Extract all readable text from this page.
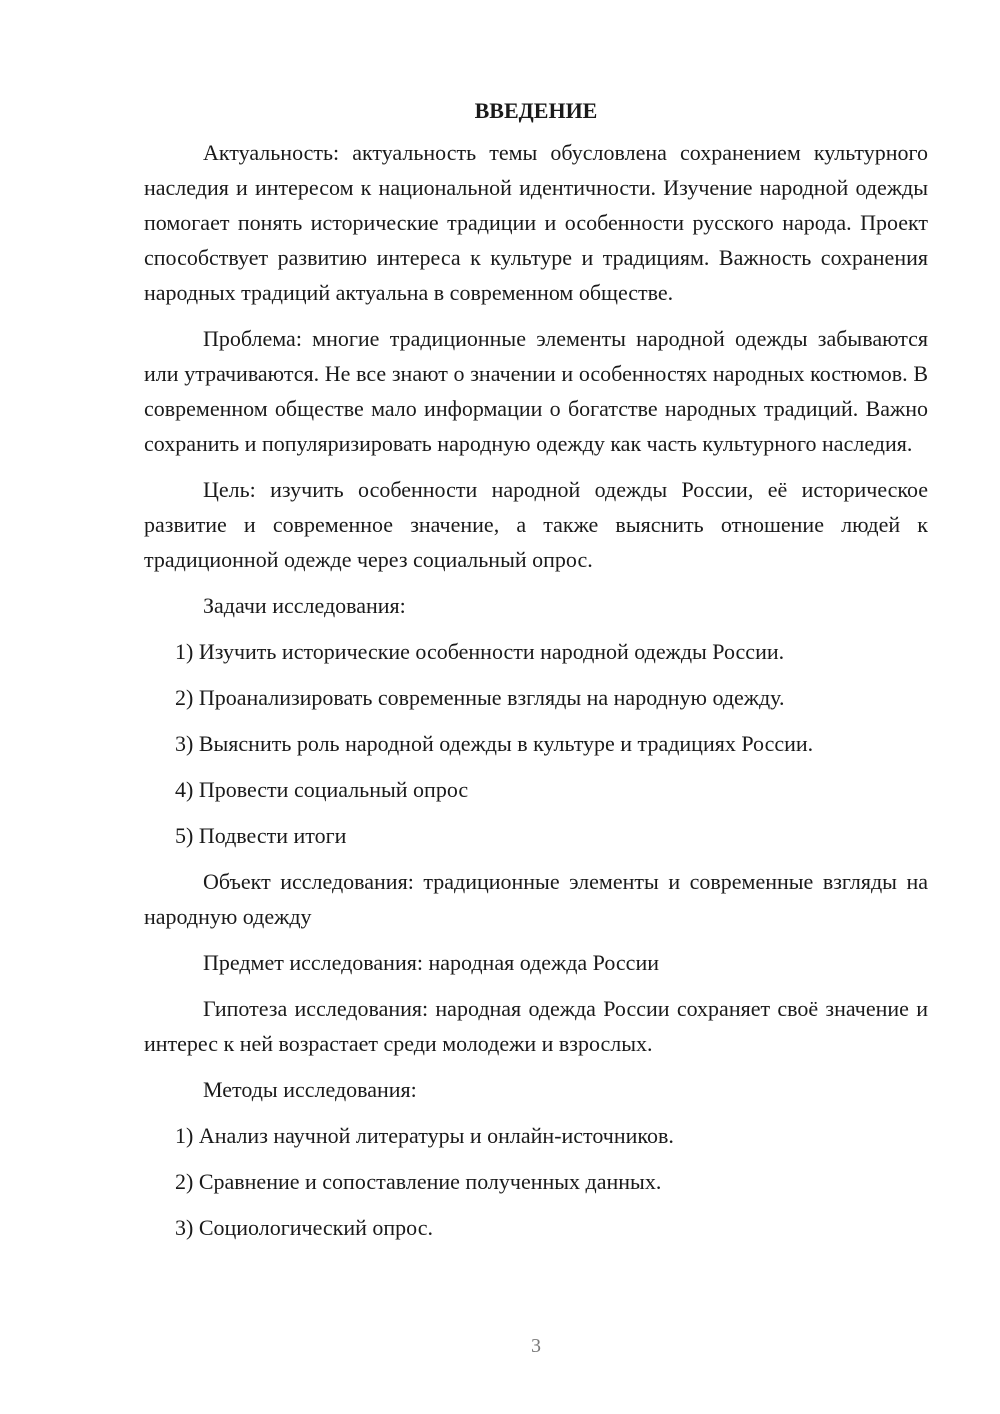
ВВЕДЕНИЕ

Актуальность: актуальность темы обусловлена сохранением культурного наследия и интересом к национальной идентичности. Изучение народной одежды помогает понять исторические традиции и особенности русского народа. Проект способствует развитию интереса к культуре и традициям. Важность сохранения народных традиций актуальна в современном обществе.

Проблема: многие традиционные элементы народной одежды забываются или утрачиваются. Не все знают о значении и особенностях народных костюмов. В современном обществе мало информации о богатстве народных традиций. Важно сохранить и популяризировать народную одежду как часть культурного наследия.

Цель: изучить особенности народной одежды России, её историческое развитие и современное значение, а также выяснить отношение людей к традиционной одежде через социальный опрос.

Задачи исследования:

1) Изучить исторические особенности народной одежды России.

2) Проанализировать современные взгляды на народную одежду.

3) Выяснить роль народной одежды в культуре и традициях России.

4) Провести социальный опрос

5) Подвести итоги

Объект исследования: традиционные элементы и современные взгляды на народную одежду

Предмет исследования: народная одежда России

Гипотеза исследования: народная одежда России сохраняет своё значение и интерес к ней возрастает среди молодежи и взрослых.

Методы исследования:

1) Анализ научной литературы и онлайн-источников.

2) Сравнение и сопоставление полученных данных.

3) Социологический опрос.

3
